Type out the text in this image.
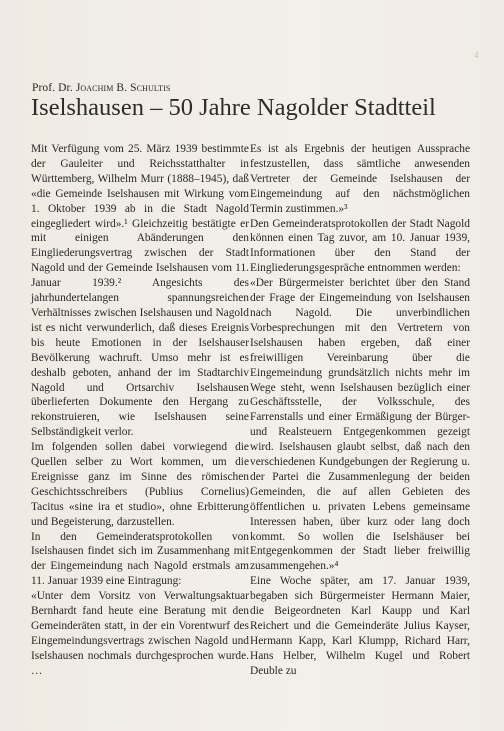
4
Prof. Dr. Joachim B. Schultis
Iselshausen – 50 Jahre Nagolder Stadtteil

Mit Verfügung vom 25. März 1939 bestimmte der Gauleiter und Reichsstatthalter in Württemberg, Wilhelm Murr (1888–1945), daß «die Gemeinde Iselshausen mit Wirkung vom 1. Oktober 1939 ab in die Stadt Nagold eingegliedert wird».¹ Gleichzeitig bestätigte er mit einigen Abänderungen den Eingliederungsvertrag zwischen der Stadt Nagold und der Gemeinde Iselshausen vom 11. Januar 1939.² Angesichts des jahrhundertelangen spannungsreichen Verhältnisses zwischen Iselshausen und Nagold ist es nicht verwunderlich, daß dieses Ereignis bis heute Emotionen in der Iselshauser Bevölkerung wachruft. Umso mehr ist es deshalb geboten, anhand der im Stadtarchiv Nagold und Ortsarchiv Iselshausen überlieferten Dokumente den Hergang zu rekonstruieren, wie Iselshausen seine Selbständigkeit verlor.

Im folgenden sollen dabei vorwiegend die Quellen selber zu Wort kommen, um die Ereignisse ganz im Sinne des römischen Geschichtsschreibers (Publius Cornelius) Tacitus «sine ira et studio», ohne Erbitterung und Begeisterung, darzustellen.

In den Gemeinderatsprotokollen von Iselshausen findet sich im Zusammenhang mit der Eingemeindung nach Nagold erstmals am 11. Januar 1939 eine Eintragung:

«Unter dem Vorsitz von Verwaltungsaktuar Bernhardt fand heute eine Beratung mit den Gemeinderäten statt, in der ein Vorentwurf des Eingemeindungsvertrags zwischen Nagold und Iselshausen nochmals durchgesprochen wurde. …

Es ist als Ergebnis der heutigen Aussprache festzustellen, dass sämtliche anwesenden Vertreter der Gemeinde Iselshausen der Eingemeindung auf den nächstmöglichen Termin zustimmen.»³

Den Gemeinderatsprotokollen der Stadt Nagold können einen Tag zuvor, am 10. Januar 1939, Informationen über den Stand der Eingliederungsgespräche entnommen werden:

«Der Bürgermeister berichtet über den Stand der Frage der Eingemeindung von Iselshausen nach Nagold. Die unverbindlichen Vorbesprechungen mit den Vertretern von Iselshausen haben ergeben, daß einer freiwilligen Vereinbarung über die Eingemeindung grundsätzlich nichts mehr im Wege steht, wenn Iselshausen bezüglich einer Geschäftsstelle, der Volksschule, des Farrenstalls und einer Ermäßigung der Bürger- und Realsteuern Entgegenkommen gezeigt wird. Iselshausen glaubt selbst, daß nach den verschiedenen Kundgebungen der Regierung u. der Partei die Zusammenlegung der beiden Gemeinden, die auf allen Gebieten des öffentlichen u. privaten Lebens gemeinsame Interessen haben, über kurz oder lang doch kommt. So wollen die Iselshäuser bei Entgegenkommen der Stadt lieber freiwillig zusammengehen.»⁴

Eine Woche später, am 17. Januar 1939, begaben sich Bürgermeister Hermann Maier, die Beigeordneten Karl Kaupp und Karl Reichert und die Gemeinderäte Julius Kayser, Hermann Kapp, Karl Klumpp, Richard Harr, Hans Helber, Wilhelm Kugel und Robert Deuble zu
